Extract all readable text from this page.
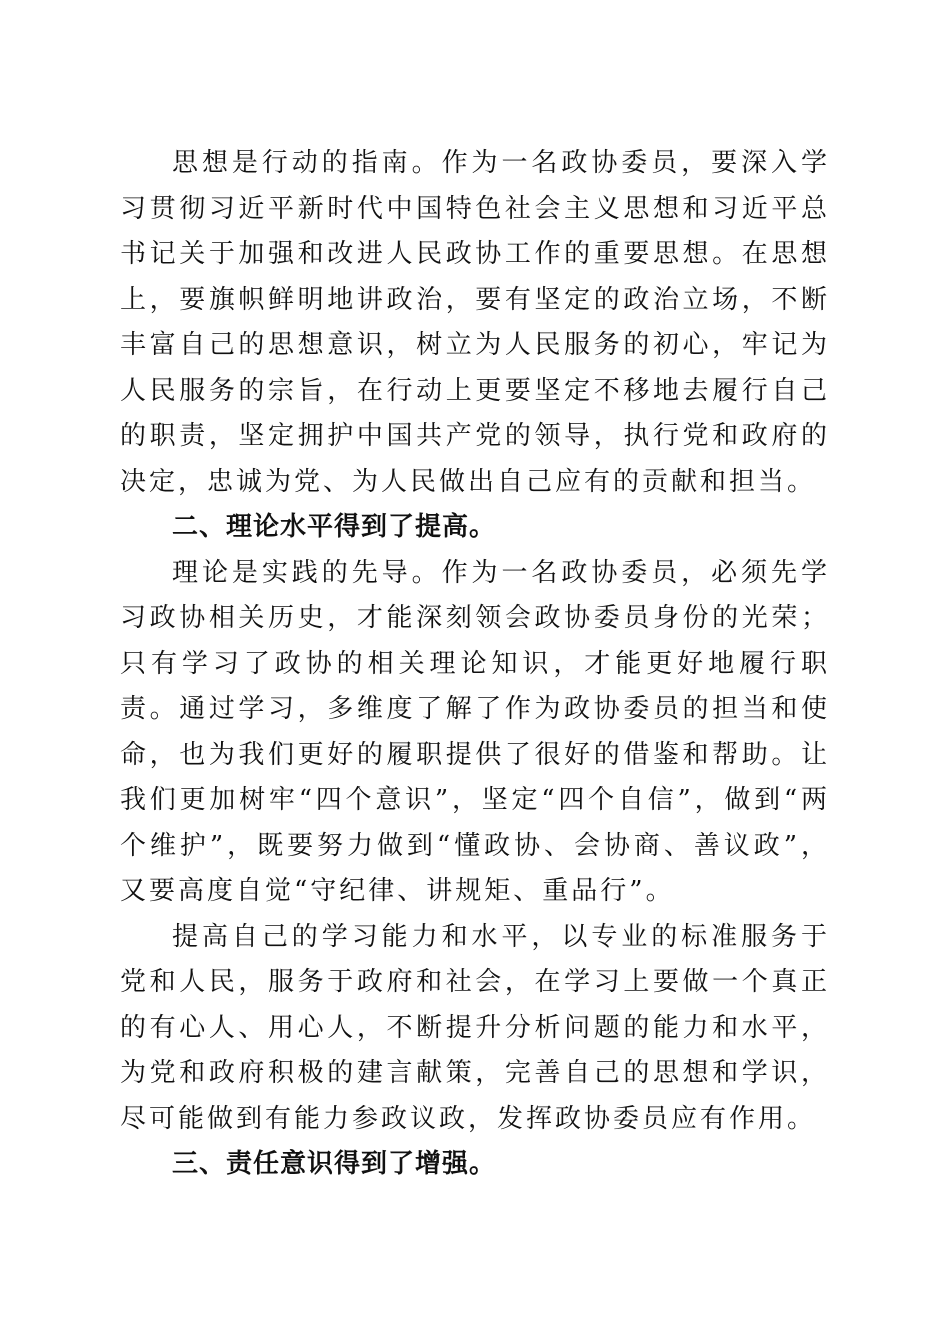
思想是行动的指南。作为一名政协委员，要深入学习贯彻习近平新时代中国特色社会主义思想和习近平总书记关于加强和改进人民政协工作的重要思想。在思想上，要旗帜鲜明地讲政治，要有坚定的政治立场，不断丰富自己的思想意识，树立为人民服务的初心，牢记为人民服务的宗旨，在行动上更要坚定不移地去履行自己的职责，坚定拥护中国共产党的领导，执行党和政府的决定，忠诚为党、为人民做出自己应有的贡献和担当。

二、理论水平得到了提高。

理论是实践的先导。作为一名政协委员，必须先学习政协相关历史，才能深刻领会政协委员身份的光荣；只有学习了政协的相关理论知识，才能更好地履行职责。通过学习，多维度了解了作为政协委员的担当和使命，也为我们更好的履职提供了很好的借鉴和帮助。让我们更加树牢“四个意识”，坚定“四个自信”，做到“两个维护”，既要努力做到“懂政协、会协商、善议政”，又要高度自觉“守纪律、讲规矩、重品行”。

提高自己的学习能力和水平，以专业的标准服务于党和人民，服务于政府和社会，在学习上要做一个真正的有心人、用心人，不断提升分析问题的能力和水平，为党和政府积极的建言献策，完善自己的思想和学识，尽可能做到有能力参政议政，发挥政协委员应有作用。

三、责任意识得到了增强。
